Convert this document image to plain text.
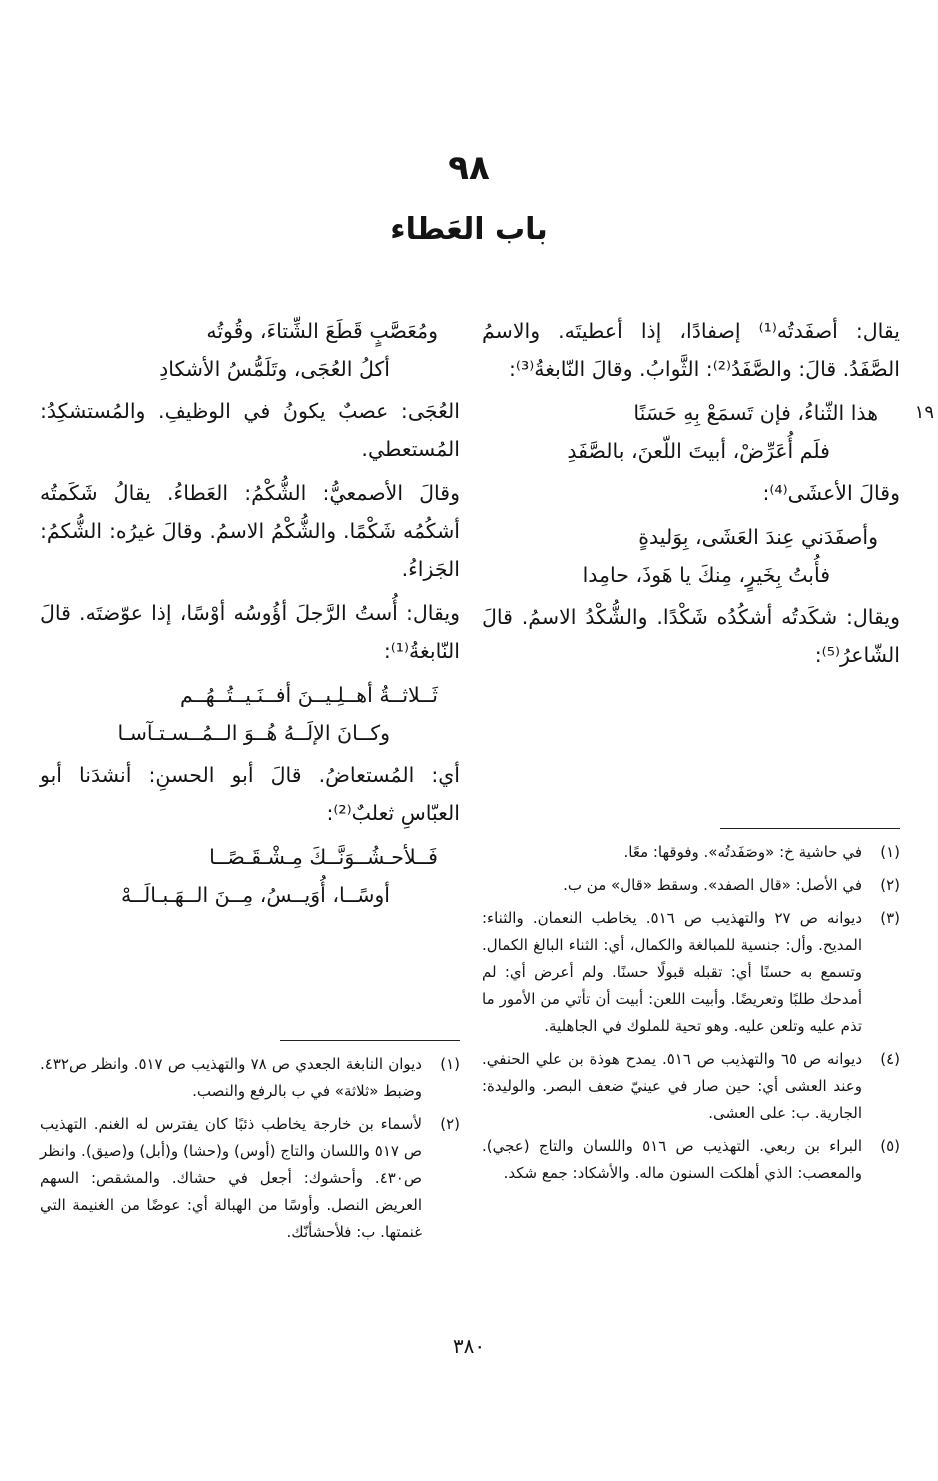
٩٨
باب العَطاء

يقال: أصفَدتُه⁽¹⁾ إصفادًا، إذا أعطيتَه. والاسمُ الصَّفَدُ. قالَ: والصَّفَدُ⁽²⁾: الثَّوابُ. وقالَ النّابغةُ⁽³⁾:

١٩
هذا الثّناءُ، فإن تَسمَعْ بِهِ حَسَنًا
فلَم أُعَرِّضْ، أبيتَ اللّعنَ، بالصَّفَدِ

وقالَ الأعشَى⁽⁴⁾:

وأصفَدَني عِندَ العَشَى، بِوَليدةٍ
فأُبتُ بِخَيرٍ، مِنكَ يا هَوذَ، حامِدا

ويقال: شكَدتُه أشكُدُه شَكْدًا. والشُّكْدُ الاسمُ. قالَ الشّاعرُ⁽⁵⁾:

ومُعَصَّبٍ قَطَعَ الشِّتاءَ، وقُوتُه
أكلُ العُجَى، وتَلَمُّسُ الأشكادِ

العُجَى: عصبٌ يكونُ في الوظيفِ. والمُستشكِدُ: المُستعطي.

وقالَ الأصمعيُّ: الشُّكْمُ: العَطاءُ. يقالُ شَكَمتُه أشكُمُه شَكْمًا. والشُّكْمُ الاسمُ. وقالَ غيرُه: الشُّكمُ: الجَزاءُ.

ويقال: أُستُ الرَّجلَ أؤُوسُه أوْسًا، إذا عوّضتَه. قالَ النّابغةُ⁽¹⁾:

ثَــلاثــةُ أهــلِـيــنَ أفــنَـيــتُــهُــم
وكــانَ الإلَــهُ هُــوَ الــمُــسـتـآسـا

أي: المُستعاضُ. قالَ أبو الحسنِ: أنشدَنا أبو العبّاسِ ثعلبٌ⁽²⁾:

فَــلأحـشُــوَنَّــكَ مِـشْـقَـصًــا
أوسًــا، أُوَيــسُ، مِــنَ الــهَـبـالَــهْ
(١)
في حاشية خ: «وصَفَدتُه». وفوقها: معًا.
(٢)
في الأصل: «قال الصفد». وسقط «قال» من ب.
(٣)
ديوانه ص ٢٧ والتهذيب ص ٥١٦. يخاطب النعمان. والثناء: المديح. وأل: جنسية للمبالغة والكمال، أي: الثناء البالغ الكمال. وتسمع به حسنًا أي: تقبله قبولًا حسنًا. ولم أعرض أي: لم أمدحك طلبًا وتعريضًا. وأبيت اللعن: أبيت أن تأتي من الأمور ما تذم عليه وتلعن عليه. وهو تحية للملوك في الجاهلية.
(٤)
ديوانه ص ٦٥ والتهذيب ص ٥١٦. يمدح هوذة بن علي الحنفي. وعند العشى أي: حين صار في عينيّ ضعف البصر. والوليدة: الجارية. ب: على العشى.
(٥)
البراء بن ربعي. التهذيب ص ٥١٦ واللسان والتاج (عجي). والمعصب: الذي أهلكت السنون ماله. والأشكاد: جمع شكد.
(١)
ديوان النابغة الجعدي ص ٧٨ والتهذيب ص ٥١٧. وانظر ص٤٣٢. وضبط «ثلاثة» في ب بالرفع والنصب.
(٢)
لأسماء بن خارجة يخاطب ذئبًا كان يفترس له الغنم. التهذيب ص ٥١٧ واللسان والتاج (أوس) و(حشا) و(أبل) و(صيق). وانظر ص٤٣٠. وأحشوك: أجعل في حشاك. والمشقص: السهم العريض النصل. وأوسًا من الهبالة أي: عوضًا من الغنيمة التي غنمتها. ب: فلأحشأنّك.
٣٨٠
